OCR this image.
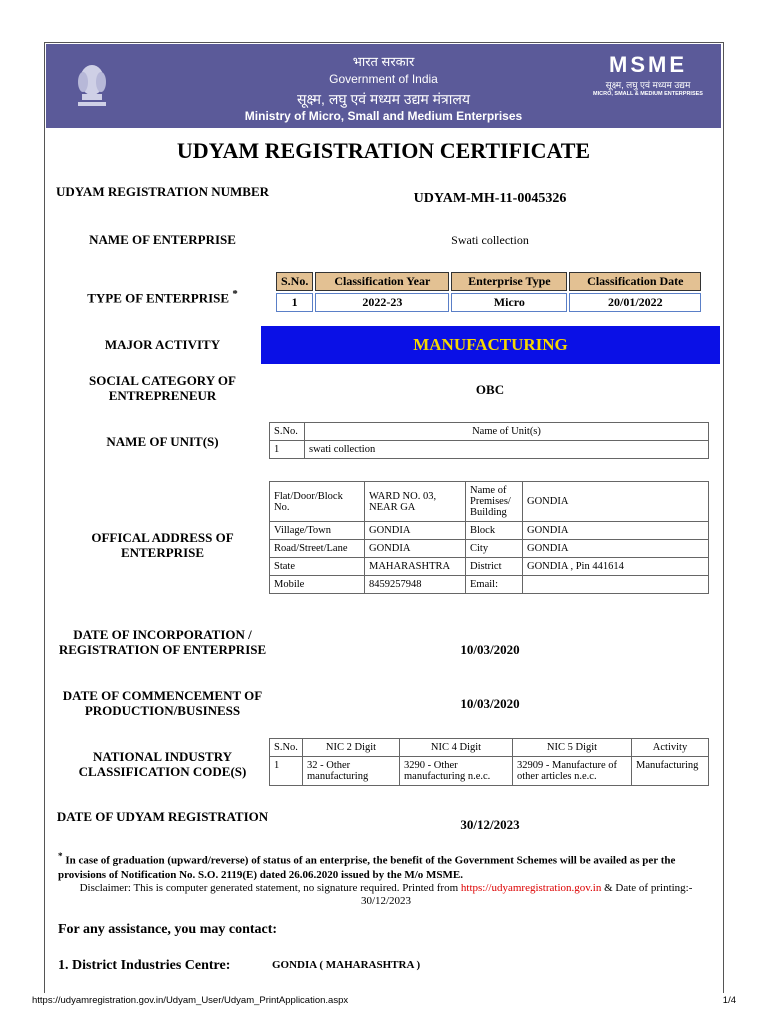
भारत सरकार
Government of India
सूक्ष्म, लघु एवं मध्यम उद्यम मंत्रालय
Ministry of Micro, Small and Medium Enterprises
MSME
सूक्ष्म, लघु एवं मध्यम उद्यम
MICRO, SMALL & MEDIUM ENTERPRISES
UDYAM REGISTRATION CERTIFICATE
UDYAM REGISTRATION NUMBER	UDYAM-MH-11-0045326
NAME OF ENTERPRISE	Swati collection
TYPE OF ENTERPRISE *
S.No.	Classification Year	Enterprise Type	Classification Date
1	2022-23	Micro	20/01/2022
MAJOR ACTIVITY	MANUFACTURING
SOCIAL CATEGORY OF ENTREPRENEUR	OBC
NAME OF UNIT(S)
S.No.	Name of Unit(s)
1	swati collection
OFFICAL ADDRESS OF ENTERPRISE
Flat/Door/Block No.	WARD NO. 03, NEAR GA	Name of Premises/ Building	GONDIA
Village/Town	GONDIA	Block	GONDIA
Road/Street/Lane	GONDIA	City	GONDIA
State	MAHARASHTRA	District	GONDIA , Pin 441614
Mobile	8459257948	Email:	
DATE OF INCORPORATION / REGISTRATION OF ENTERPRISE	10/03/2020
DATE OF COMMENCEMENT OF PRODUCTION/BUSINESS	10/03/2020
NATIONAL INDUSTRY CLASSIFICATION CODE(S)
S.No.	NIC 2 Digit	NIC 4 Digit	NIC 5 Digit	Activity
1	32 - Other manufacturing	3290 - Other manufacturing n.e.c.	32909 - Manufacture of other articles n.e.c.	Manufacturing
DATE OF UDYAM REGISTRATION
30/12/2023
* In case of graduation (upward/reverse) of status of an enterprise, the benefit of the Government Schemes will be availed as per the provisions of Notification No. S.O. 2119(E) dated 26.06.2020 issued by the M/o MSME.
Disclaimer: This is computer generated statement, no signature required. Printed from https://udyamregistration.gov.in & Date of printing:- 30/12/2023
For any assistance, you may contact:
1. District Industries Centre:	GONDIA ( MAHARASHTRA )
https://udyamregistration.gov.in/Udyam_User/Udyam_PrintApplication.aspx	1/4
